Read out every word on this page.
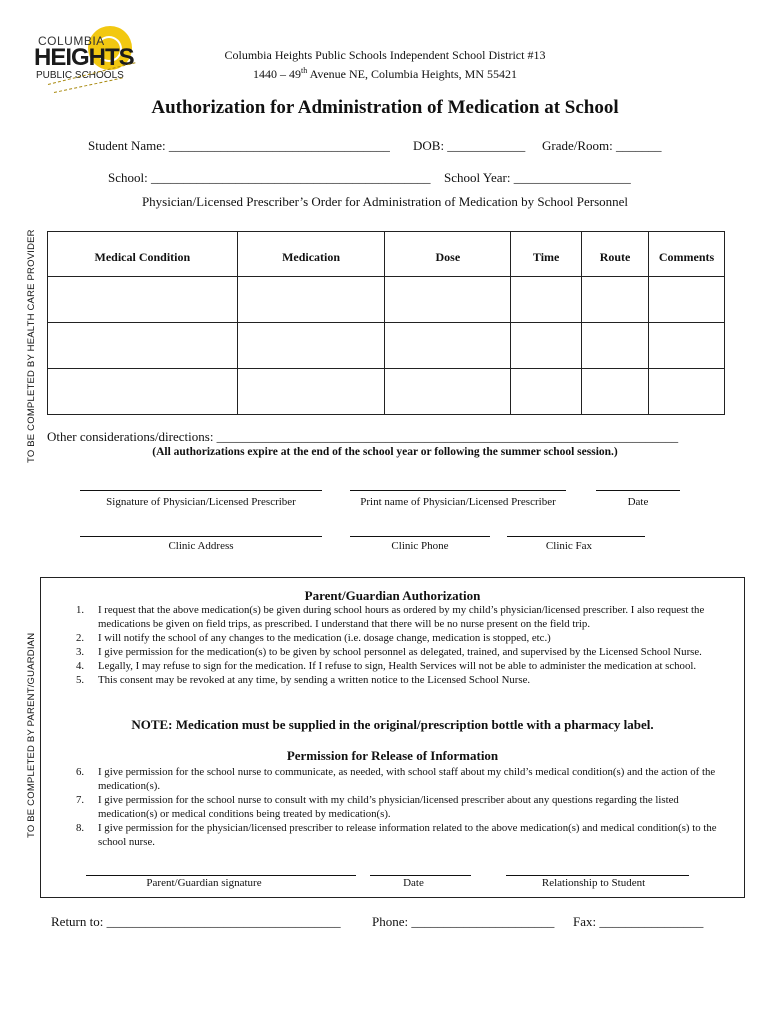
COLUMBIA
HEIGHTS
PUBLIC SCHOOLS
Columbia Heights Public Schools Independent School District #13
1440 – 49th Avenue NE, Columbia Heights, MN 55421
Authorization for Administration of Medication at School
Student Name: __________________________________ DOB: ____________ Grade/Room: _______
School: ___________________________________________ School Year: __________________
Physician/Licensed Prescriber’s Order for Administration of Medication by School Personnel
TO BE COMPLETED BY HEALTH CARE PROVIDER
TO BE COMPLETED BY PARENT/GUARDIAN
Medical Condition	Medication	Dose	Time	Route	Comments

Other considerations/directions: _______________________________________________________________________
(All authorizations expire at the end of the school year or following the summer school session.)
Signature of Physician/Licensed Prescriber	Print name of Physician/Licensed Prescriber	Date
Clinic Address	Clinic Phone	Clinic Fax
Parent/Guardian Authorization
1. I request that the above medication(s) be given during school hours as ordered by my child’s physician/licensed prescriber. I also request the medications be given on field trips, as prescribed. I understand that there will be no nurse present on the field trip.
2. I will notify the school of any changes to the medication (i.e. dosage change, medication is stopped, etc.)
3. I give permission for the medication(s) to be given by school personnel as delegated, trained, and supervised by the Licensed School Nurse.
4. Legally, I may refuse to sign for the medication. If I refuse to sign, Health Services will not be able to administer the medication at school.
5. This consent may be revoked at any time, by sending a written notice to the Licensed School Nurse.
NOTE: Medication must be supplied in the original/prescription bottle with a pharmacy label.
Permission for Release of Information
6. I give permission for the school nurse to communicate, as needed, with school staff about my child’s medical condition(s) and the action of the medication(s).
7. I give permission for the school nurse to consult with my child’s physician/licensed prescriber about any questions regarding the listed medication(s) or medical conditions being treated by medication(s).
8. I give permission for the physician/licensed prescriber to release information related to the above medication(s) and medical condition(s) to the school nurse.
Parent/Guardian signature	Date	Relationship to Student
Return to: ____________________________________ Phone: ______________________ Fax: ________________
